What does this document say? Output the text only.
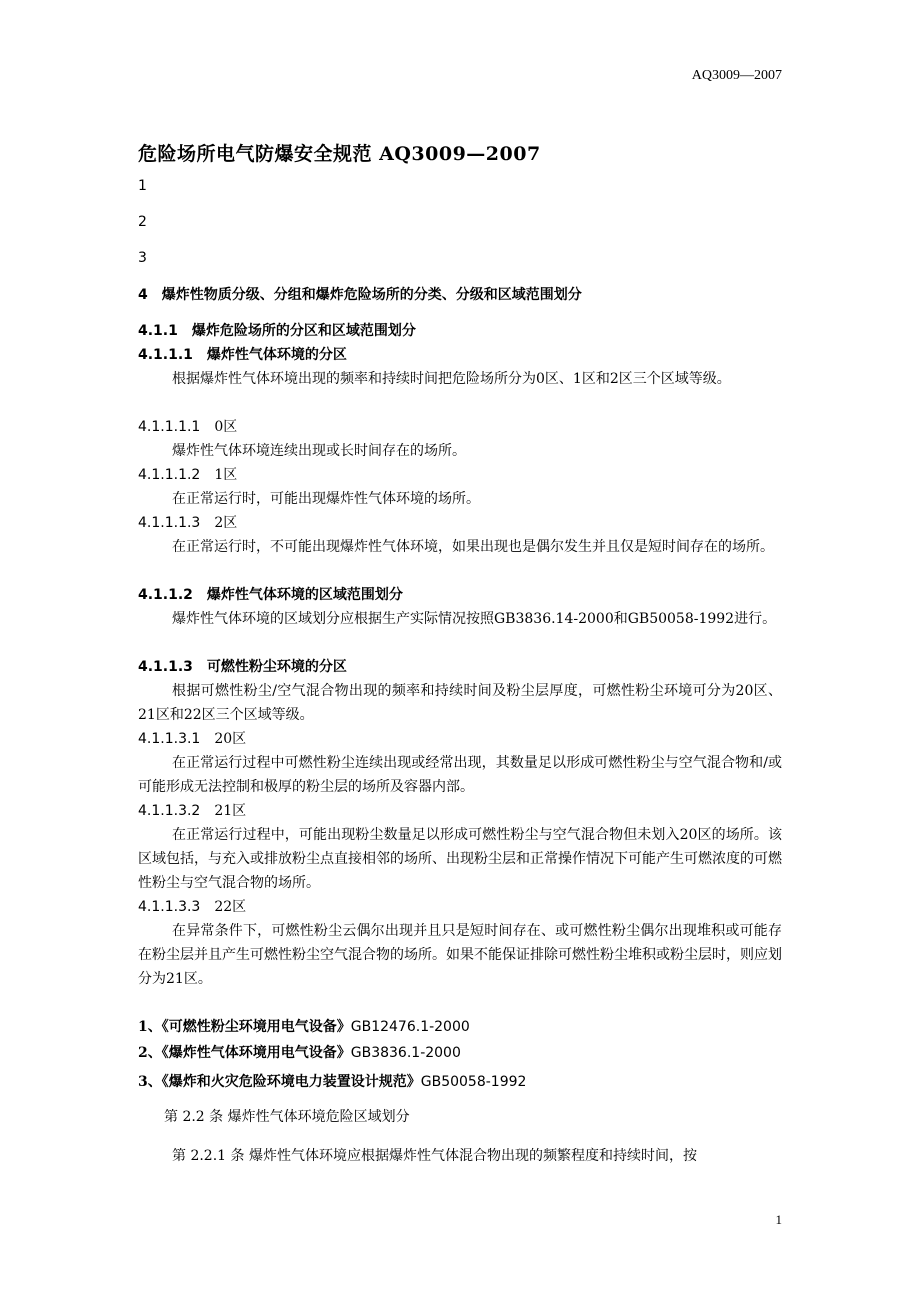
AQ3009—2007
危险场所电气防爆安全规范 AQ3009—2007
1
2
3
4 爆炸性物质分级、分组和爆炸危险场所的分类、分级和区域范围划分
4.1.1 爆炸危险场所的分区和区域范围划分
4.1.1.1 爆炸性气体环境的分区
根据爆炸性气体环境出现的频率和持续时间把危险场所分为0区、1区和2区三个区域等级。
4.1.1.1.1 0区
爆炸性气体环境连续出现或长时间存在的场所。
4.1.1.1.2 1区
在正常运行时，可能出现爆炸性气体环境的场所。
4.1.1.1.3 2区
在正常运行时，不可能出现爆炸性气体环境，如果出现也是偶尔发生并且仅是短时间存在的场所。
4.1.1.2 爆炸性气体环境的区域范围划分
爆炸性气体环境的区域划分应根据生产实际情况按照GB3836.14-2000和GB50058-1992进行。
4.1.1.3 可燃性粉尘环境的分区
根据可燃性粉尘/空气混合物出现的频率和持续时间及粉尘层厚度，可燃性粉尘环境可分为20区、21区和22区三个区域等级。
4.1.1.3.1 20区
在正常运行过程中可燃性粉尘连续出现或经常出现，其数量足以形成可燃性粉尘与空气混合物和/或可能形成无法控制和极厚的粉尘层的场所及容器内部。
4.1.1.3.2 21区
在正常运行过程中，可能出现粉尘数量足以形成可燃性粉尘与空气混合物但未划入20区的场所。该区域包括，与充入或排放粉尘点直接相邻的场所、出现粉尘层和正常操作情况下可能产生可燃浓度的可燃性粉尘与空气混合物的场所。
4.1.1.3.3 22区
在异常条件下，可燃性粉尘云偶尔出现并且只是短时间存在、或可燃性粉尘偶尔出现堆积或可能存在粉尘层并且产生可燃性粉尘空气混合物的场所。如果不能保证排除可燃性粉尘堆积或粉尘层时，则应划分为21区。
1、《可燃性粉尘环境用电气设备》GB12476.1-2000
2、《爆炸性气体环境用电气设备》GB3836.1-2000
3、《爆炸和火灾危险环境电力装置设计规范》GB50058-1992
第 2.2 条 爆炸性气体环境危险区域划分
第 2.2.1 条 爆炸性气体环境应根据爆炸性气体混合物出现的频繁程度和持续时间，按
1
